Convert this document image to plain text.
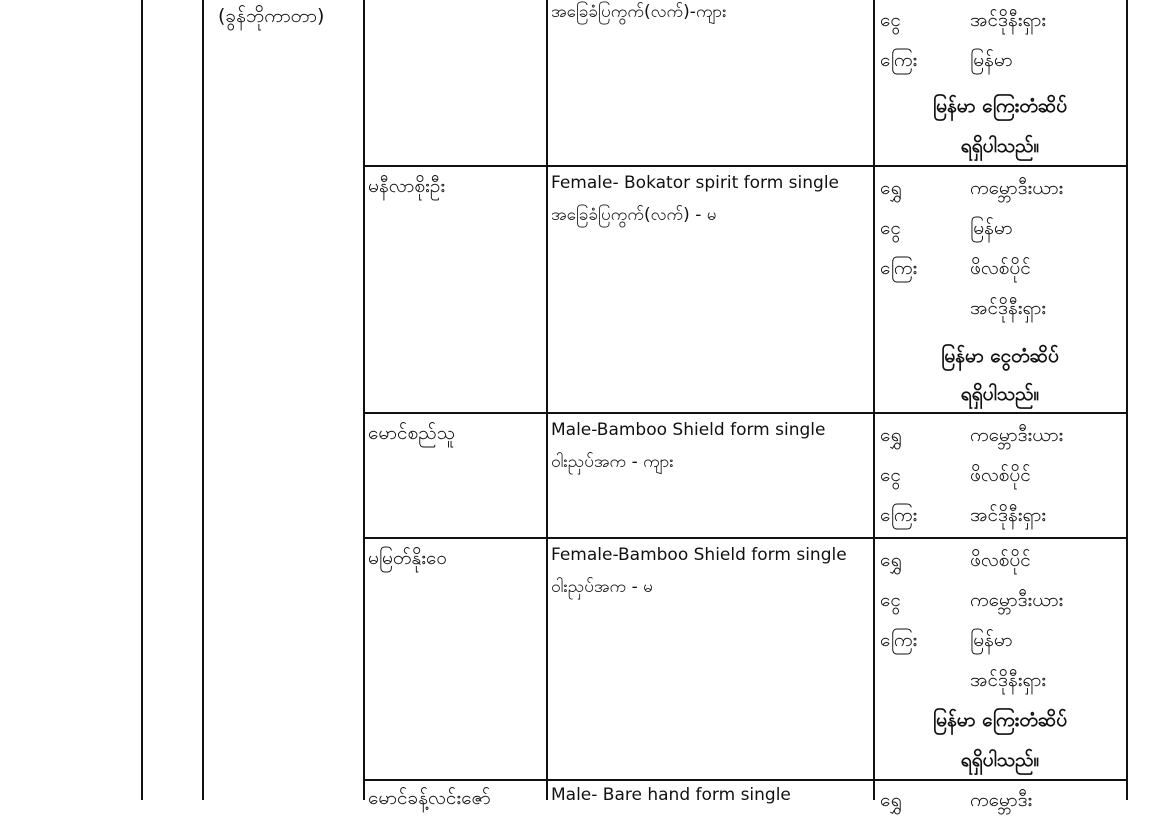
(ခွန်ဘိုကာတာ)	အခြေခံပြကွက်(လက်)-ကျား	ငွေ	အင်ဒိုနီးရှား
ကြေး	မြန်မာ
မြန်မာ ကြေးတံဆိပ်
ရရှိပါသည်။
မနီလာစိုးဦး	Female- Bokator spirit form single
အခြေခံပြကွက်(လက်) - မ
ရွှေ	ကမ္ဘောဒီးယား
ငွေ	မြန်မာ
ကြေး	ဖိလစ်ပိုင်
အင်ဒိုနီးရှား
မြန်မာ ငွေတံဆိပ်
ရရှိပါသည်။
မောင်စည်သူ	Male-Bamboo Shield form single
ဝါးညှပ်အက - ကျား
ရွှေ	ကမ္ဘောဒီးယား
ငွေ	ဖိလစ်ပိုင်
ကြေး	အင်ဒိုနီးရှား
မမြတ်နိုးဝေ	Female-Bamboo Shield form single
ဝါးညှပ်အက - မ
ရွှေ	ဖိလစ်ပိုင်
ငွေ	ကမ္ဘောဒီးယား
ကြေး	မြန်မာ
အင်ဒိုနီးရှား
မြန်မာ ကြေးတံဆိပ်
ရရှိပါသည်။
မောင်ခန့်လင်းဇော်	Male- Bare hand form single	ရွှေ	ကမ္ဘောဒီး
